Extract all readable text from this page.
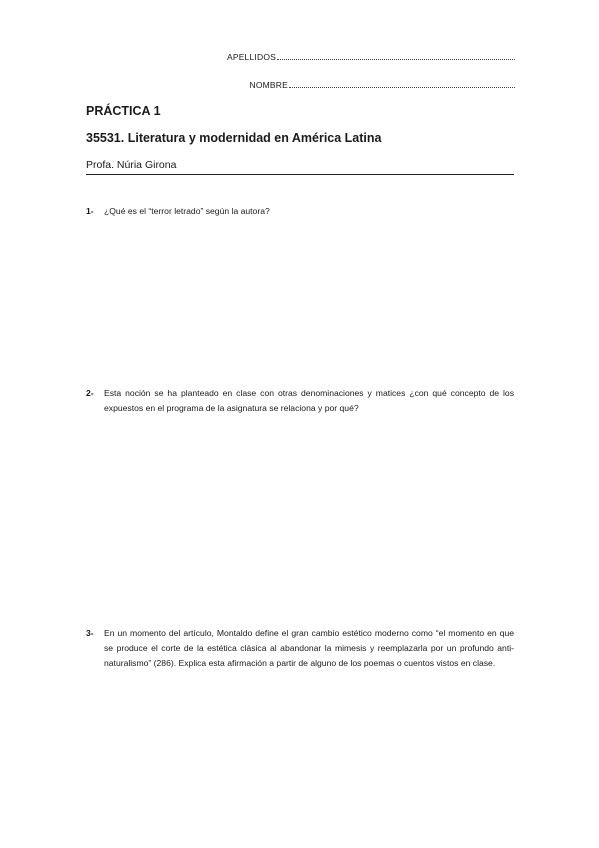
APELLIDOS
NOMBRE
PRÁCTICA 1
35531. Literatura y modernidad en América Latina
Profa. Núria Girona
1- ¿Qué es el “terror letrado” según la autora?
2- Esta noción se ha planteado en clase con otras denominaciones y matices ¿con qué concepto de los expuestos en el programa de la asignatura se relaciona y por qué?
3- En un momento del artículo, Montaldo define el gran cambio estético moderno como “el momento en que se produce el corte de la estética clásica al abandonar la mimesis y reemplazarla por un profundo anti-naturalismo” (286). Explica esta afirmación a partir de alguno de los poemas o cuentos vistos en clase.
